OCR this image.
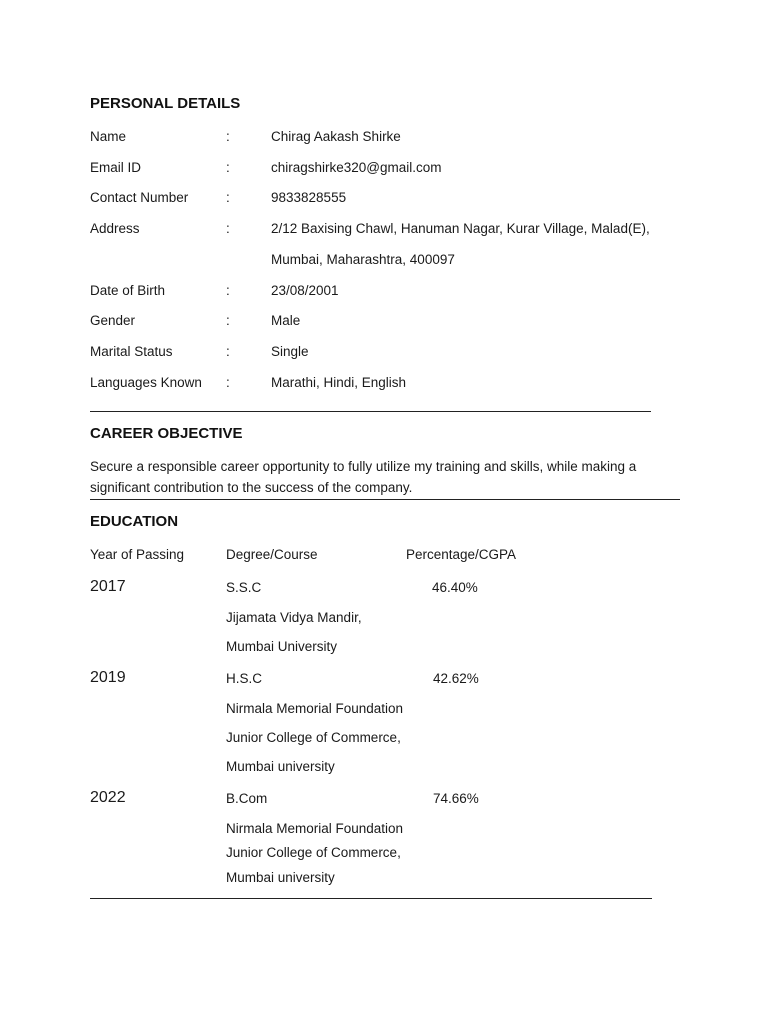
PERSONAL DETAILS
Name	:	Chirag Aakash Shirke
Email ID	:	chiragshirke320@gmail.com
Contact Number	:	9833828555
Address	:	2/12 Baxising Chawl, Hanuman Nagar, Kurar Village, Malad(E),
Mumbai, Maharashtra, 400097
Date of Birth	:	23/08/2001
Gender	:	Male
Marital Status	:	Single
Languages Known :	Marathi, Hindi, English
CAREER OBJECTIVE
Secure a responsible career opportunity to fully utilize my training and skills, while making a significant contribution to the success of the company.
EDUCATION
Year of Passing	Degree/Course	Percentage/CGPA
2017	S.S.C	46.40%
Jijamata Vidya Mandir,
Mumbai University
2019	H.S.C	42.62%
Nirmala Memorial Foundation
Junior College of Commerce,
Mumbai university
2022	B.Com	74.66%
Nirmala Memorial Foundation
Junior College of Commerce,
Mumbai university
